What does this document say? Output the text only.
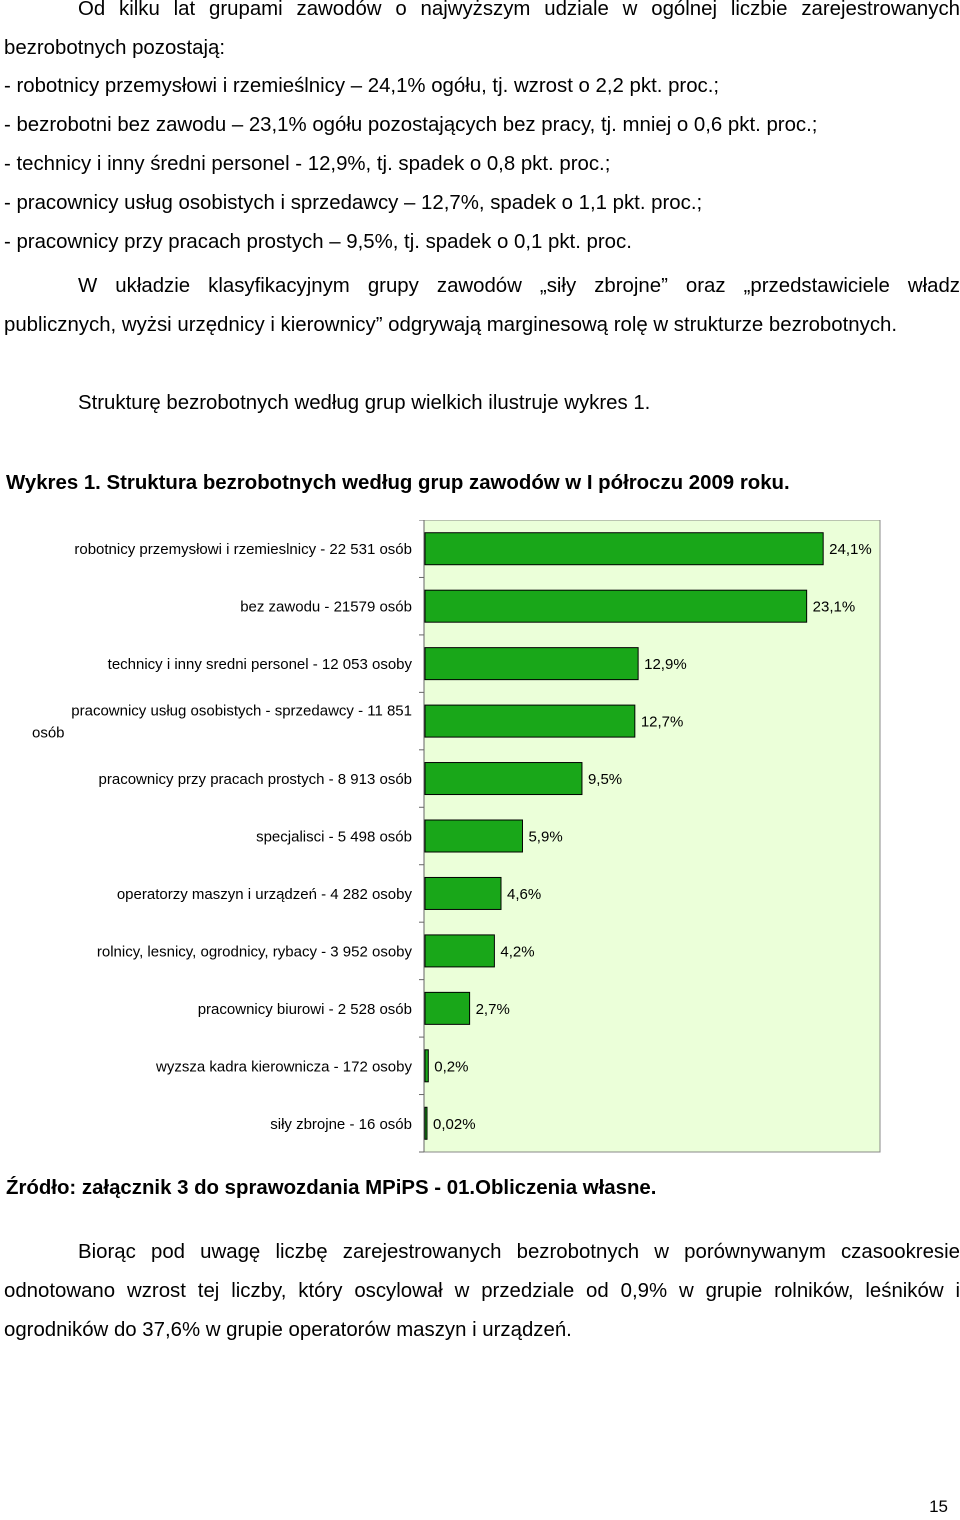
Od kilku lat grupami zawodów o najwyższym udziale w ogólnej liczbie zarejestrowanych bezrobotnych pozostają:
- robotnicy przemysłowi i rzemieślnicy – 24,1% ogółu, tj. wzrost o 2,2 pkt. proc.;
- bezrobotni bez zawodu – 23,1% ogółu pozostających bez pracy, tj. mniej o 0,6 pkt. proc.;
- technicy i inny średni personel - 12,9%, tj. spadek o 0,8 pkt. proc.;
- pracownicy usług osobistych i sprzedawcy – 12,7%, spadek o 1,1 pkt. proc.;
- pracownicy przy pracach prostych – 9,5%, tj. spadek o 0,1 pkt. proc.
W układzie klasyfikacyjnym grupy zawodów „siły zbrojne” oraz „przedstawiciele władz publicznych, wyżsi urzędnicy i kierownicy” odgrywają marginesową rolę w strukturze bezrobotnych.
Strukturę bezrobotnych według grup wielkich ilustruje wykres 1.
Wykres 1. Struktura bezrobotnych według grup zawodów w I półroczu 2009 roku.
24,1%
robotnicy przemysłowi i rzemieslnicy - 22 531 osób
23,1%
bez zawodu - 21579 osób
12,9%
technicy i inny sredni personel - 12 053 osoby
12,7%
pracownicy usług osobistych - sprzedawcy - 11 851 osób
9,5%
pracownicy przy pracach prostych - 8 913 osób
5,9%
specjalisci - 5 498 osób
4,6%
operatorzy maszyn i urządzeń - 4 282 osoby
4,2%
rolnicy, lesnicy, ogrodnicy, rybacy - 3 952 osoby
2,7%
pracownicy biurowi - 2 528 osób
0,2%
wyzsza kadra kierownicza - 172 osoby
0,02%
siły zbrojne - 16 osób
Źródło: załącznik 3 do sprawozdania MPiPS - 01.Obliczenia własne.
Biorąc pod uwagę liczbę zarejestrowanych bezrobotnych w porównywanym czasookresie odnotowano wzrost tej liczby, który oscylował w przedziale od 0,9% w grupie rolników, leśników i ogrodników do 37,6% w grupie operatorów maszyn i urządzeń.
15
